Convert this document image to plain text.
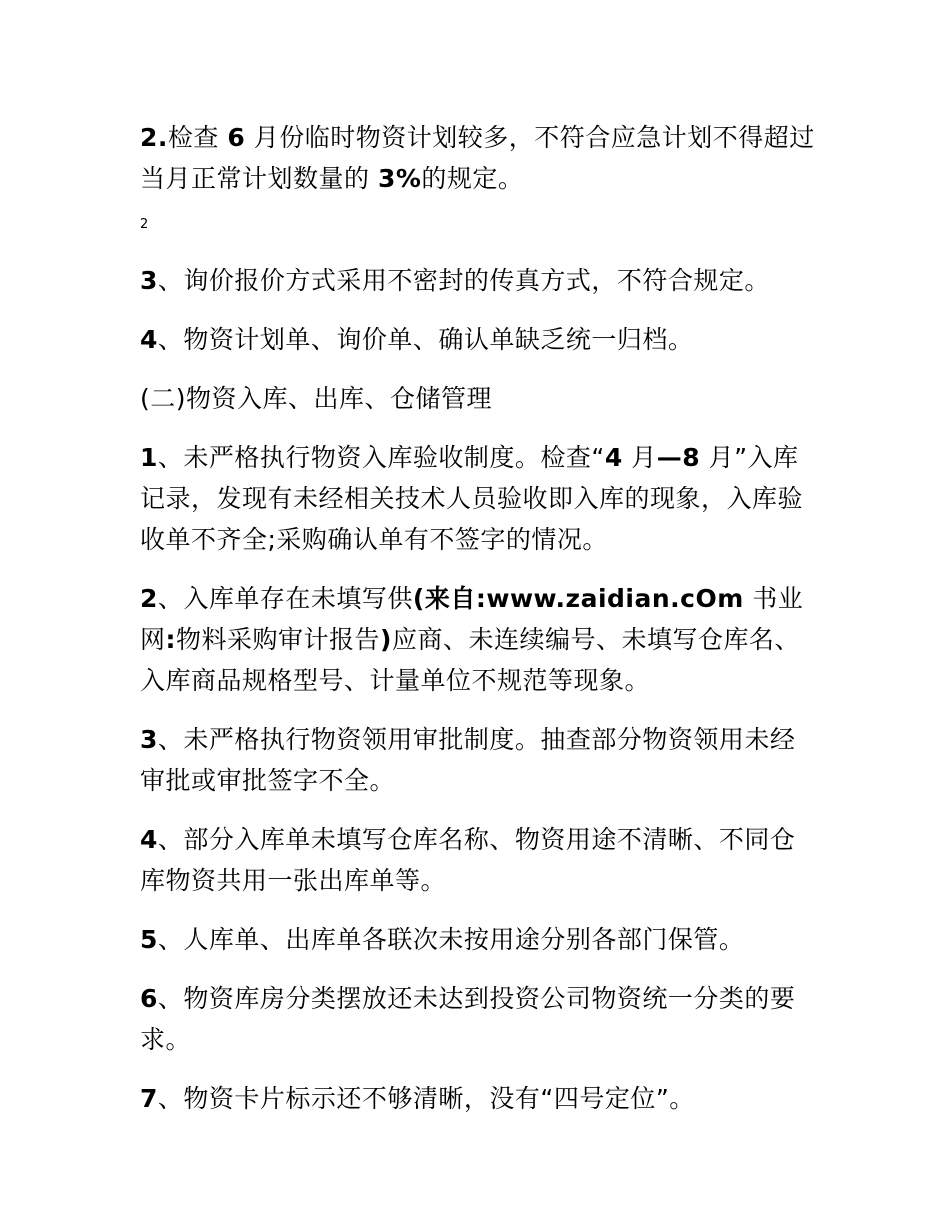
2.检查 6 月份临时物资计划较多，不符合应急计划不得超过当月正常计划数量的 3%的规定。

2

3、询价报价方式采用不密封的传真方式，不符合规定。

4、物资计划单、询价单、确认单缺乏统一归档。

(二)物资入库、出库、仓储管理

1、未严格执行物资入库验收制度。检查“4 月—8 月”入库记录，发现有未经相关技术人员验收即入库的现象，入库验收单不齐全;采购确认单有不签字的情况。

2、入库单存在未填写供(来自:www.zaidian.cOm 书业网:物料采购审计报告)应商、未连续编号、未填写仓库名、入库商品规格型号、计量单位不规范等现象。

3、未严格执行物资领用审批制度。抽查部分物资领用未经审批或审批签字不全。

4、部分入库单未填写仓库名称、物资用途不清晰、不同仓库物资共用一张出库单等。

5、人库单、出库单各联次未按用途分别各部门保管。

6、物资库房分类摆放还未达到投资公司物资统一分类的要求。

7、物资卡片标示还不够清晰，没有“四号定位”。
